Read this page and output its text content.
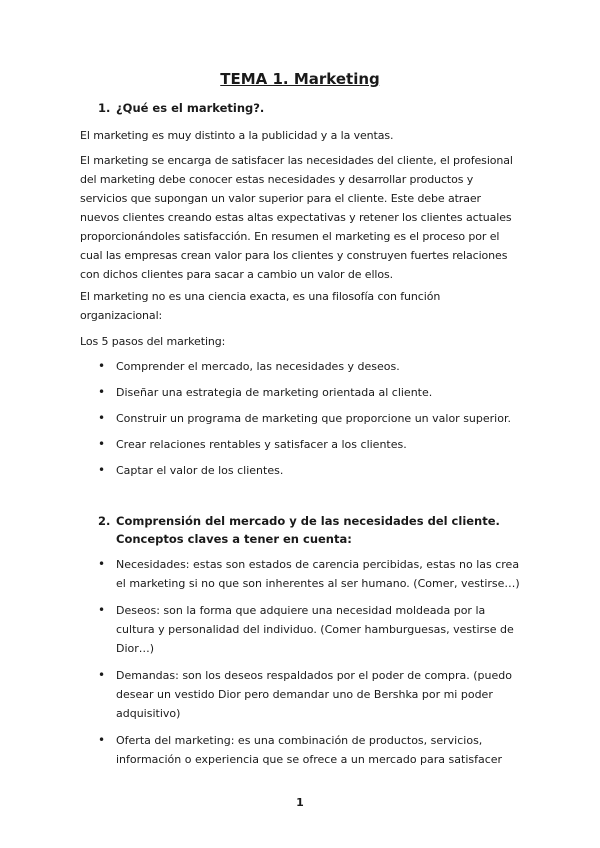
TEMA 1. Marketing
1. ¿Qué es el marketing?.

El marketing es muy distinto a la publicidad y a la ventas.

El marketing se encarga de satisfacer las necesidades del cliente, el profesional del marketing debe conocer estas necesidades y desarrollar productos y servicios que supongan un valor superior para el cliente. Este debe atraer nuevos clientes creando estas altas expectativas y retener los clientes actuales proporcionándoles satisfacción. En resumen el marketing es el proceso por el cual las empresas crean valor para los clientes y construyen fuertes relaciones con dichos clientes para sacar a cambio un valor de ellos.

El marketing no es una ciencia exacta, es una filosofía con función organizacional:

Los 5 pasos del marketing:

• Comprender el mercado, las necesidades y deseos.
• Diseñar una estrategia de marketing orientada al cliente.
• Construir un programa de marketing que proporcione un valor superior.
• Crear relaciones rentables y satisfacer a los clientes.
• Captar el valor de los clientes.
2. Comprensión del mercado y de las necesidades del cliente.
Conceptos claves a tener en cuenta:
• Necesidades: estas son estados de carencia percibidas, estas no las crea el marketing si no que son inherentes al ser humano. (Comer, vestirse…)
• Deseos: son la forma que adquiere una necesidad moldeada por la cultura y personalidad del individuo. (Comer hamburguesas, vestirse de Dior…)
• Demandas: son los deseos respaldados por el poder de compra. (puedo desear un vestido Dior pero demandar uno de Bershka por mi poder adquisitivo)
• Oferta del marketing: es una combinación de productos, servicios, información o experiencia que se ofrece a un mercado para satisfacer
1
